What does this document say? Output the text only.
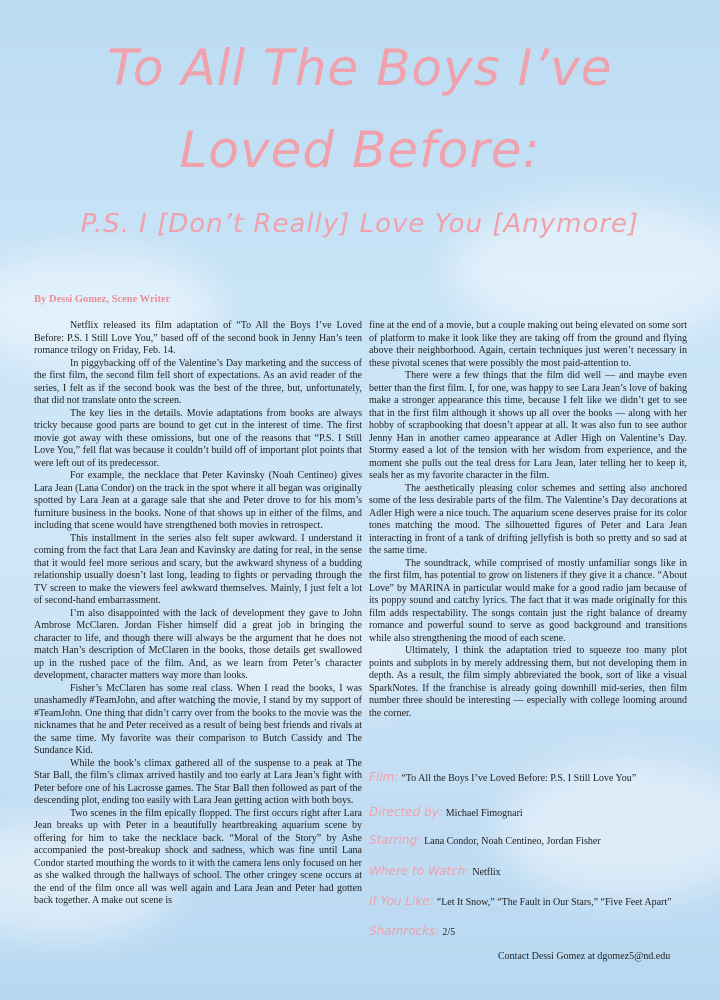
To All The Boys I’ve
Loved Before:
P.S. I [Don’t Really] Love You [Anymore]
By Dessi Gomez, Scene Writer

Netflix released its film adaptation of “To All the Boys I’ve Loved Before: P.S. I Still Love You,” based off of the second book in Jenny Han’s teen romance trilogy on Friday, Feb. 14.

In piggybacking off of the Valentine’s Day marketing and the success of the first film, the second film fell short of expectations. As an avid reader of the series, I felt as if the second book was the best of the three, but, unfortunately, that did not translate onto the screen.

The key lies in the details. Movie adaptations from books are always tricky because good parts are bound to get cut in the interest of time. The first movie got away with these omissions, but one of the reasons that “P.S. I Still Love You,” fell flat was because it couldn’t build off of important plot points that were left out of its predecessor.

For example, the necklace that Peter Kavinsky (Noah Centineo) gives Lara Jean (Lana Condor) on the track in the spot where it all began was originally spotted by Lara Jean at a garage sale that she and Peter drove to for his mom’s furniture business in the books. None of that shows up in either of the films, and including that scene would have strengthened both movies in retrospect.

This installment in the series also felt super awkward. I understand it coming from the fact that Lara Jean and Kavinsky are dating for real, in the sense that it would feel more serious and scary, but the awkward shyness of a budding relationship usually doesn’t last long, leading to fights or pervading through the TV screen to make the viewers feel awkward themselves. Mainly, I just felt a lot of second-hand embarrassment.

I’m also disappointed with the lack of development they gave to John Ambrose McClaren. Jordan Fisher himself did a great job in bringing the character to life, and though there will always be the argument that he does not match Han’s description of McClaren in the books, those details get swallowed up in the rushed pace of the film. And, as we learn from Peter’s character development, character matters way more than looks.

Fisher’s McClaren has some real class. When I read the books, I was unashamedly #TeamJohn, and after watching the movie, I stand by my support of #TeamJohn. One thing that didn’t carry over from the books to the movie was the nicknames that he and Peter received as a result of being best friends and rivals at the same time. My favorite was their comparison to Butch Cassidy and The Sundance Kid.

While the book’s climax gathered all of the suspense to a peak at The Star Ball, the film’s climax arrived hastily and too early at Lara Jean’s fight with Peter before one of his Lacrosse games. The Star Ball then followed as part of the descending plot, ending too easily with Lara Jean getting action with both boys.

Two scenes in the film epically flopped. The first occurs right after Lara Jean breaks up with Peter in a beautifully heartbreaking aquarium scene by offering for him to take the necklace back. “Moral of the Story” by Ashe accompanied the post-breakup shock and sadness, which was fine until Lana Condor started mouthing the words to it with the camera lens only focused on her as she walked through the hallways of school. The other cringey scene occurs at the end of the film once all was well again and Lara Jean and Peter had gotten back together. A make out scene is

fine at the end of a movie, but a couple making out being elevated on some sort of platform to make it look like they are taking off from the ground and flying above their neighborhood. Again, certain techniques just weren’t necessary in these pivotal scenes that were possibly the most paid-attention to.

There were a few things that the film did well — and maybe even better than the first film. I, for one, was happy to see Lara Jean’s love of baking make a stronger appearance this time, because I felt like we didn’t get to see that in the first film although it shows up all over the books — along with her hobby of scrapbooking that doesn’t appear at all. It was also fun to see author Jenny Han in another cameo appearance at Adler High on Valentine’s Day. Stormy eased a lot of the tension with her wisdom from experience, and the moment she pulls out the teal dress for Lara Jean, later telling her to keep it, seals her as my favorite character in the film.

The aesthetically pleasing color schemes and setting also anchored some of the less desirable parts of the film. The Valentine’s Day decorations at Adler High were a nice touch. The aquarium scene deserves praise for its color tones matching the mood. The silhouetted figures of Peter and Lara Jean interacting in front of a tank of drifting jellyfish is both so pretty and so sad at the same time.

The soundtrack, while comprised of mostly unfamiliar songs like in the first film, has potential to grow on listeners if they give it a chance. “About Love” by MARINA in particular would make for a good radio jam because of its poppy sound and catchy lyrics. The fact that it was made originally for this film adds respectability. The songs contain just the right balance of dreamy romance and powerful sound to serve as good background and transitions while also strengthening the mood of each scene.

Ultimately, I think the adaptation tried to squeeze too many plot points and subplots in by merely addressing them, but not developing them in depth. As a result, the film simply abbreviated the book, sort of like a visual SparkNotes. If the franchise is already going downhill mid-series, then film number three should be interesting — especially with college looming around the corner.

Film: “To All the Boys I’ve Loved Before: P.S. I Still Love You”
Directed by: Michael Fimognari
Starring: Lana Condor, Noah Centineo, Jordan Fisher
Where to Watch: Netflix
If You Like: “Let It Snow,” “The Fault in Our Stars,” “Five Feet Apart”
Shamrocks: 2/5
Contact Dessi Gomez at dgomez5@nd.edu
